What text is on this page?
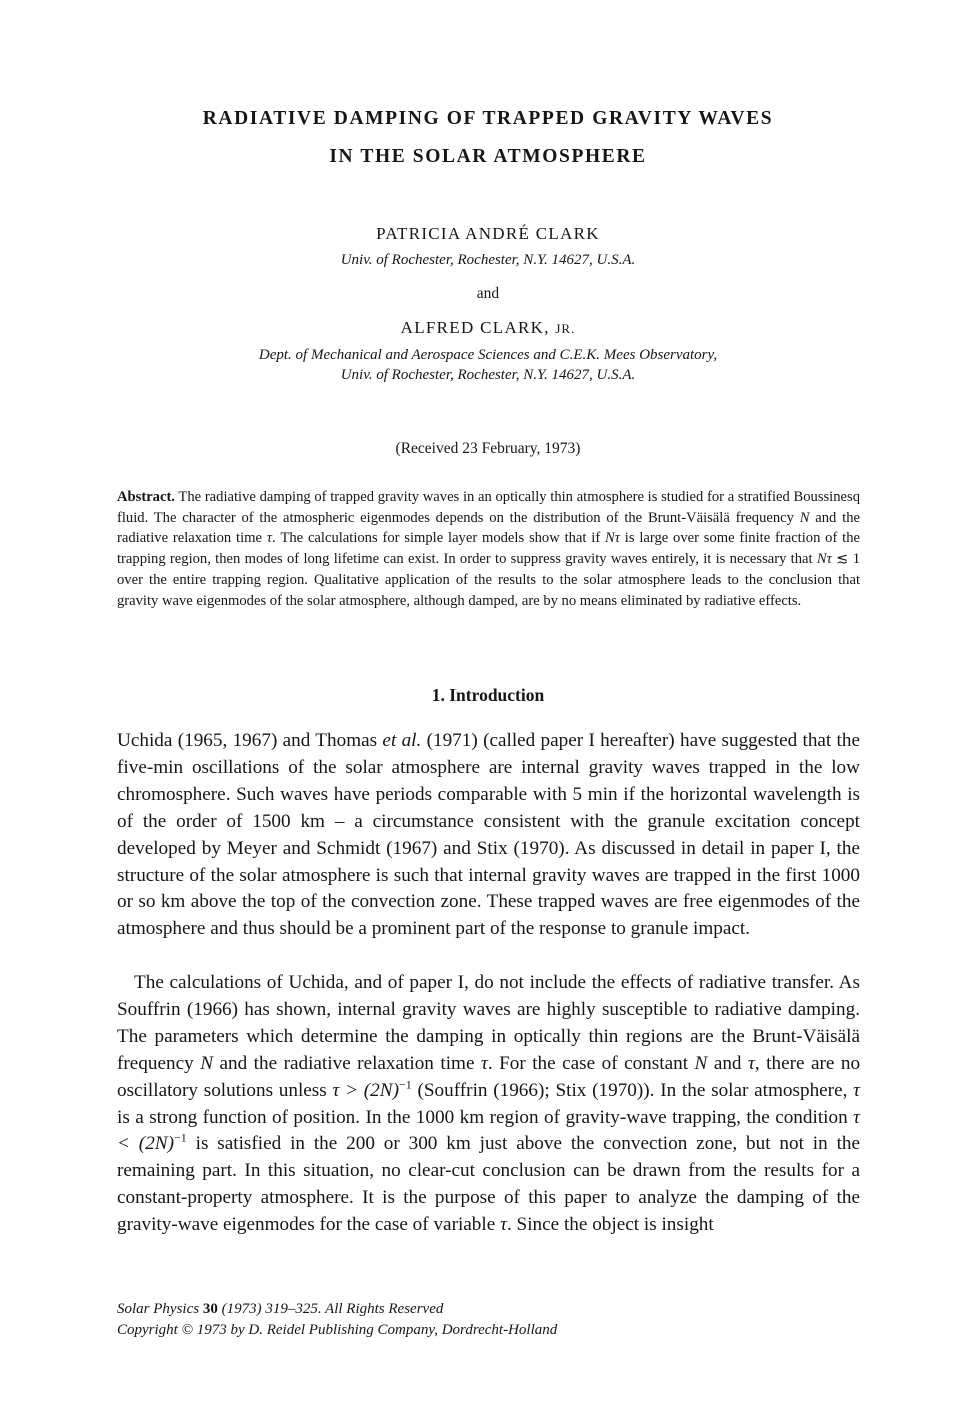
RADIATIVE DAMPING OF TRAPPED GRAVITY WAVES
IN THE SOLAR ATMOSPHERE
PATRICIA ANDRÉ CLARK
Univ. of Rochester, Rochester, N.Y. 14627, U.S.A.
and
ALFRED CLARK, JR.
Dept. of Mechanical and Aerospace Sciences and C.E.K. Mees Observatory,
Univ. of Rochester, Rochester, N.Y. 14627, U.S.A.
(Received 23 February, 1973)

Abstract. The radiative damping of trapped gravity waves in an optically thin atmosphere is studied for a stratified Boussinesq fluid. The character of the atmospheric eigenmodes depends on the distribution of the Brunt-Väisälä frequency N and the radiative relaxation time τ. The calculations for simple layer models show that if Nτ is large over some finite fraction of the trapping region, then modes of long lifetime can exist. In order to suppress gravity waves entirely, it is necessary that Nτ ≲ 1 over the entire trapping region. Qualitative application of the results to the solar atmosphere leads to the conclusion that gravity wave eigenmodes of the solar atmosphere, although damped, are by no means eliminated by radiative effects.

1. Introduction

Uchida (1965, 1967) and Thomas et al. (1971) (called paper I hereafter) have suggested that the five-min oscillations of the solar atmosphere are internal gravity waves trapped in the low chromosphere. Such waves have periods comparable with 5 min if the horizontal wavelength is of the order of 1500 km – a circumstance consistent with the granule excitation concept developed by Meyer and Schmidt (1967) and Stix (1970). As discussed in detail in paper I, the structure of the solar atmosphere is such that internal gravity waves are trapped in the first 1000 or so km above the top of the convection zone. These trapped waves are free eigenmodes of the atmosphere and thus should be a prominent part of the response to granule impact.

The calculations of Uchida, and of paper I, do not include the effects of radiative transfer. As Souffrin (1966) has shown, internal gravity waves are highly susceptible to radiative damping. The parameters which determine the damping in optically thin regions are the Brunt-Väisälä frequency N and the radiative relaxation time τ. For the case of constant N and τ, there are no oscillatory solutions unless $\tau > (2N)^{-1}$ (Souffrin (1966); Stix (1970)). In the solar atmosphere, τ is a strong function of position. In the 1000 km region of gravity-wave trapping, the condition $\tau < (2N)^{-1}$ is satisfied in the 200 or 300 km just above the convection zone, but not in the remaining part. In this situation, no clear-cut conclusion can be drawn from the results for a constant-property atmosphere. It is the purpose of this paper to analyze the damping of the gravity-wave eigenmodes for the case of variable τ. Since the object is insight

Solar Physics 30 (1973) 319–325. All Rights Reserved
Copyright © 1973 by D. Reidel Publishing Company, Dordrecht-Holland
